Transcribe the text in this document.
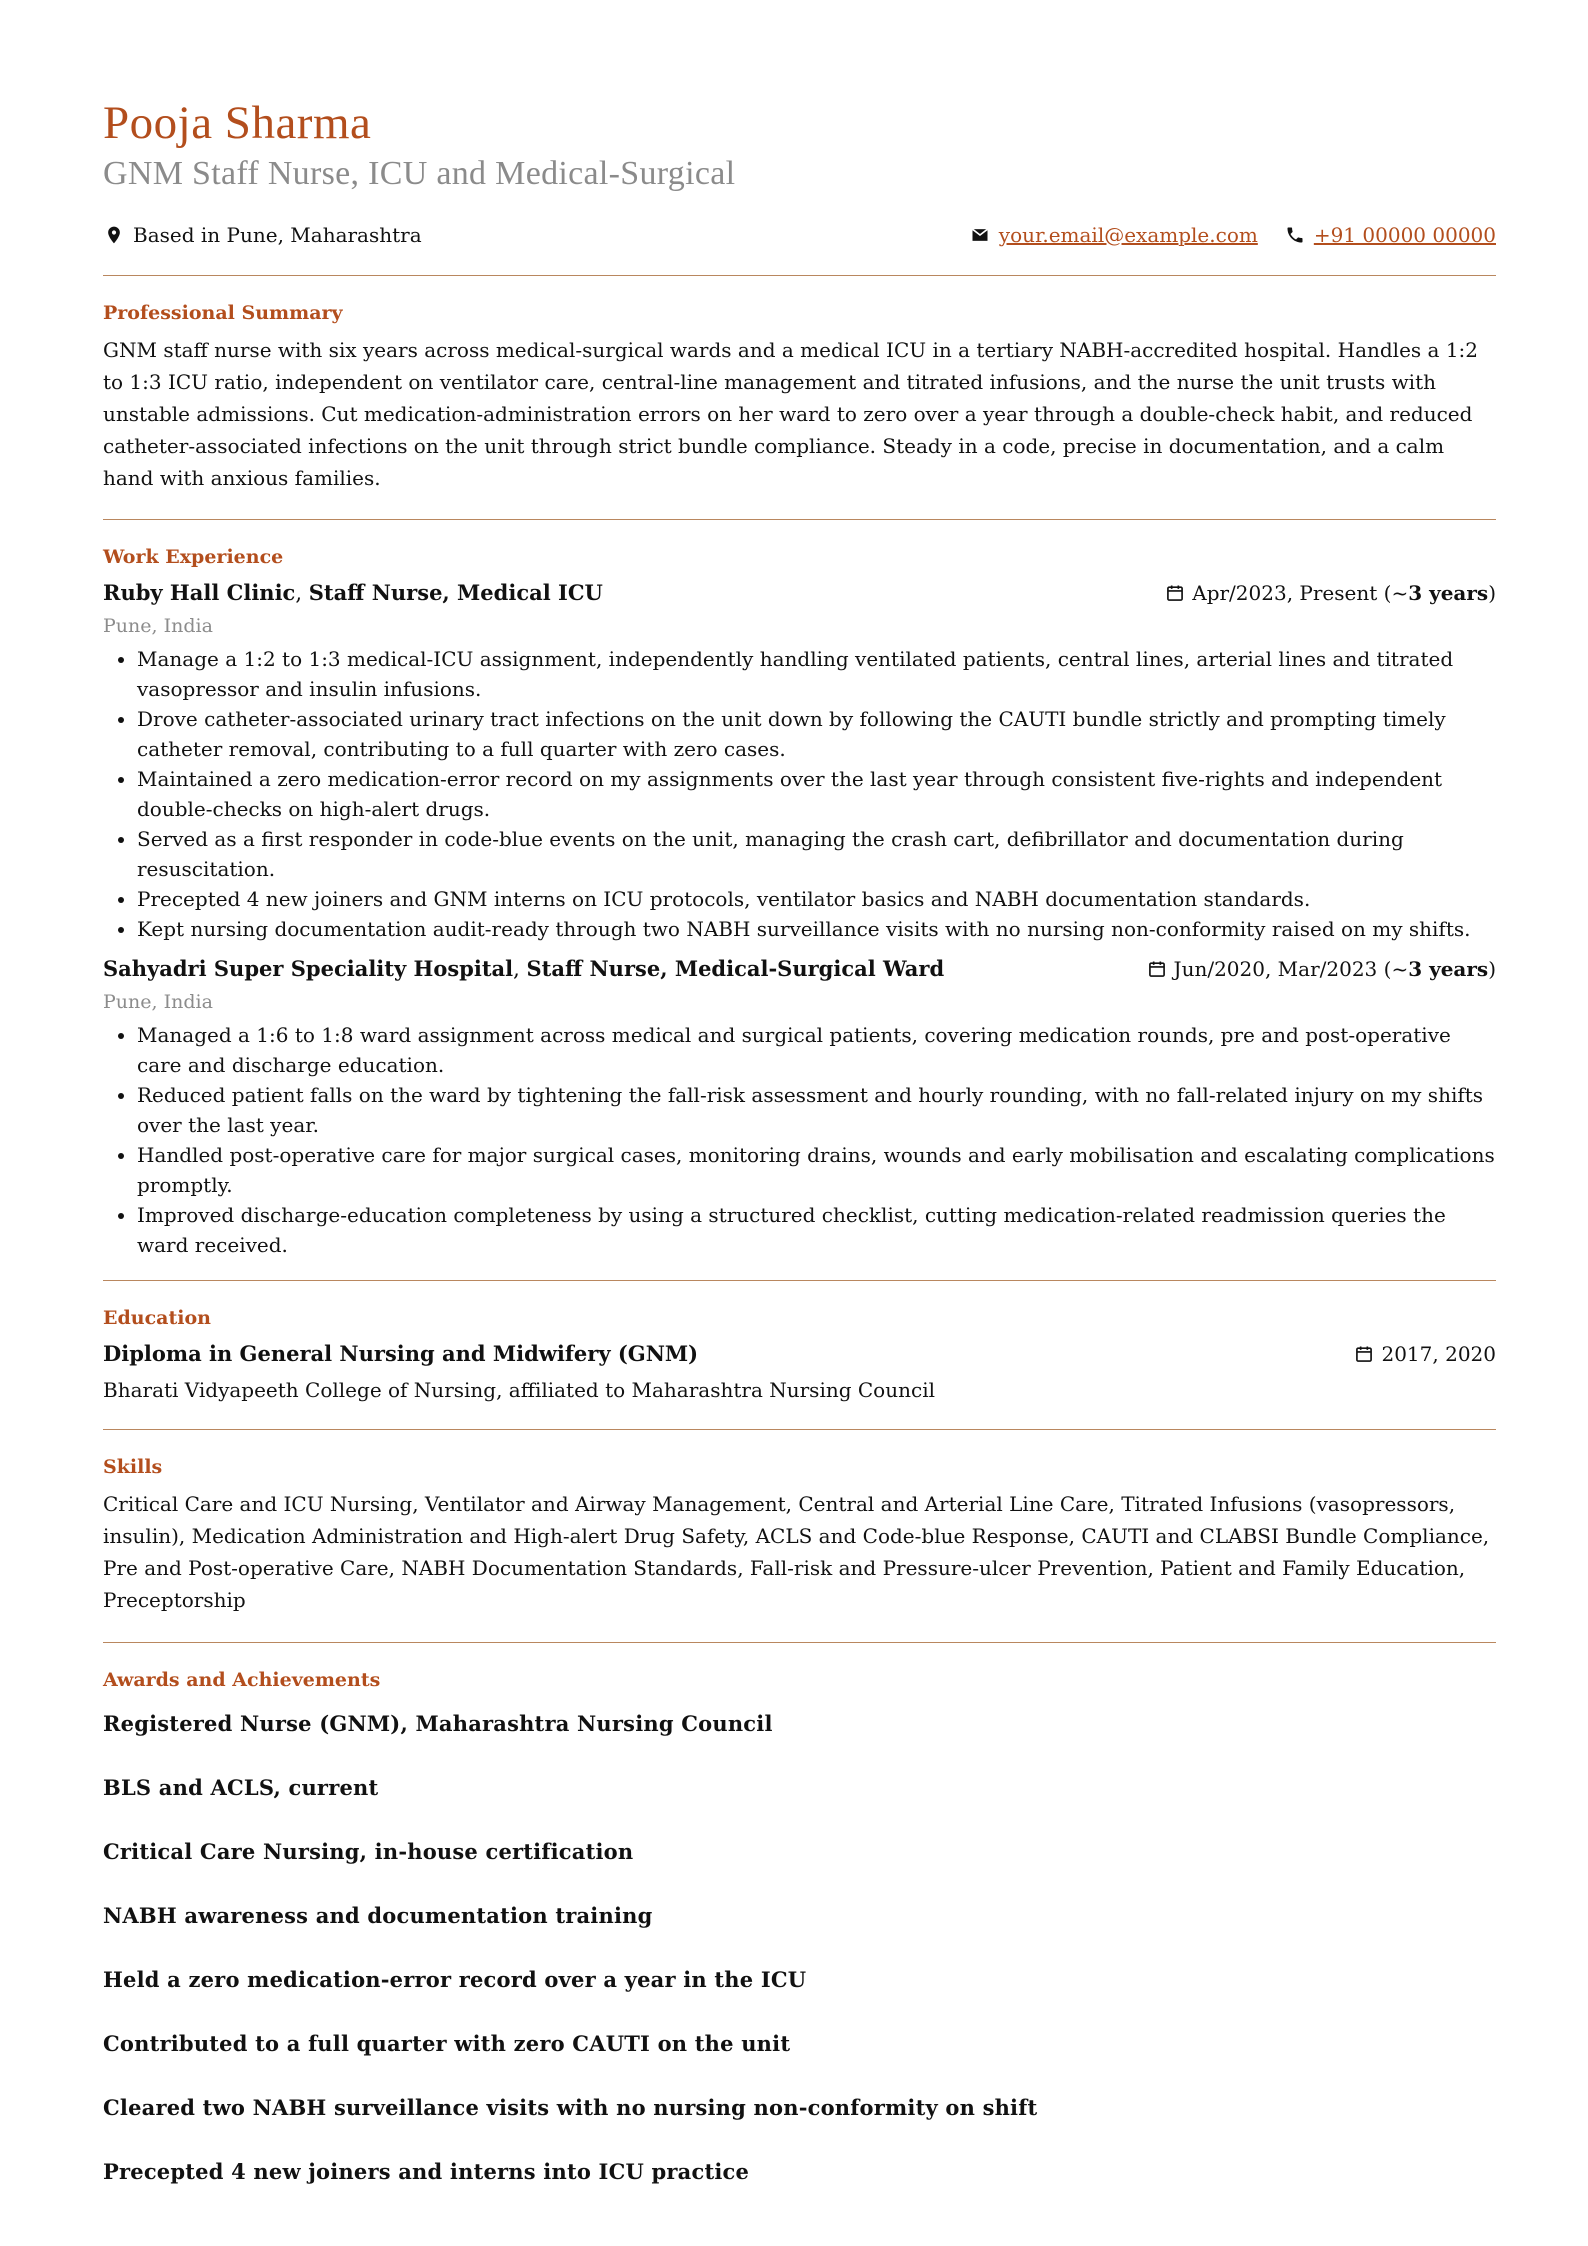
Pooja Sharma
GNM Staff Nurse, ICU and Medical-Surgical
Based in Pune, Maharashtra	your.email@example.com	+91 00000 00000
Professional Summary

GNM staff nurse with six years across medical-surgical wards and a medical ICU in a tertiary NABH-accredited hospital. Handles a 1:2 to 1:3 ICU ratio, independent on ventilator care, central-line management and titrated infusions, and the nurse the unit trusts with unstable admissions. Cut medication-administration errors on her ward to zero over a year through a double-check habit, and reduced catheter-associated infections on the unit through strict bundle compliance. Steady in a code, precise in documentation, and a calm hand with anxious families.

Work Experience
Ruby Hall Clinic, Staff Nurse, Medical ICU	Apr/2023, Present (~ 3 years )
Pune, India
• Manage a 1:2 to 1:3 medical-ICU assignment, independently handling ventilated patients, central lines, arterial lines and titrated vasopressor and insulin infusions.
• Drove catheter-associated urinary tract infections on the unit down by following the CAUTI bundle strictly and prompting timely catheter removal, contributing to a full quarter with zero cases.
• Maintained a zero medication-error record on my assignments over the last year through consistent five-rights and independent double-checks on high-alert drugs.
• Served as a first responder in code-blue events on the unit, managing the crash cart, defibrillator and documentation during resuscitation.
• Precepted 4 new joiners and GNM interns on ICU protocols, ventilator basics and NABH documentation standards.
• Kept nursing documentation audit-ready through two NABH surveillance visits with no nursing non-conformity raised on my shifts.
Sahyadri Super Speciality Hospital, Staff Nurse, Medical-Surgical Ward	Jun/2020, Mar/2023 (~ 3 years )
Pune, India
• Managed a 1:6 to 1:8 ward assignment across medical and surgical patients, covering medication rounds, pre and post-operative care and discharge education.
• Reduced patient falls on the ward by tightening the fall-risk assessment and hourly rounding, with no fall-related injury on my shifts over the last year.
• Handled post-operative care for major surgical cases, monitoring drains, wounds and early mobilisation and escalating complications promptly.
• Improved discharge-education completeness by using a structured checklist, cutting medication-related readmission queries the ward received.
Education
Diploma in General Nursing and Midwifery (GNM)	2017, 2020
Bharati Vidyapeeth College of Nursing, affiliated to Maharashtra Nursing Council
Skills

Critical Care and ICU Nursing, Ventilator and Airway Management, Central and Arterial Line Care, Titrated Infusions (vasopressors, insulin), Medication Administration and High-alert Drug Safety, ACLS and Code-blue Response, CAUTI and CLABSI Bundle Compliance, Pre and Post-operative Care, NABH Documentation Standards, Fall-risk and Pressure-ulcer Prevention, Patient and Family Education, Preceptorship

Awards and Achievements
Registered Nurse (GNM), Maharashtra Nursing Council
BLS and ACLS, current
Critical Care Nursing, in-house certification
NABH awareness and documentation training
Held a zero medication-error record over a year in the ICU
Contributed to a full quarter with zero CAUTI on the unit
Cleared two NABH surveillance visits with no nursing non-conformity on shift
Precepted 4 new joiners and interns into ICU practice
